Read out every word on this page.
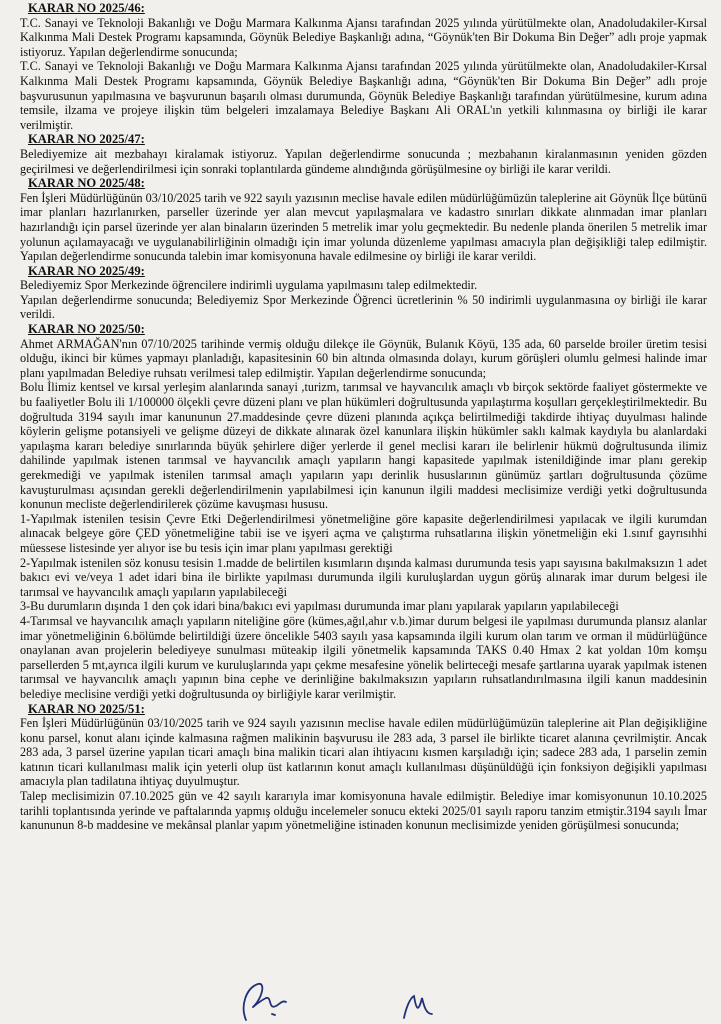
KARAR NO 2025/46:

T.C. Sanayi ve Teknoloji Bakanlığı ve Doğu Marmara Kalkınma Ajansı tarafından 2025 yılında yürütülmekte olan, Anadoludakiler-Kırsal Kalkınma Mali Destek Programı kapsamında, Göynük Belediye Başkanlığı adına, “Göynük'ten Bir Dokuma Bin Değer” adlı proje yapmak istiyoruz. Yapılan değerlendirme sonucunda;

T.C. Sanayi ve Teknoloji Bakanlığı ve Doğu Marmara Kalkınma Ajansı tarafından 2025 yılında yürütülmekte olan, Anadoludakiler-Kırsal Kalkınma Mali Destek Programı kapsamında, Göynük Belediye Başkanlığı adına, “Göynük'ten Bir Dokuma Bin Değer” adlı proje başvurusunun yapılmasına ve başvurunun başarılı olması durumunda, Göynük Belediye Başkanlığı tarafından yürütülmesine, kurum adına temsile, ilzama ve projeye ilişkin tüm belgeleri imzalamaya Belediye Başkanı Ali ORAL'ın yetkili kılınmasına oy birliği ile karar verilmiştir.

KARAR NO 2025/47:

Belediyemize ait mezbahayı kiralamak istiyoruz. Yapılan değerlendirme sonucunda ; mezbahanın kiralanmasının yeniden gözden geçirilmesi ve değerlendirilmesi için sonraki toplantılarda gündeme alındığında görüşülmesine oy birliği ile karar verildi.

KARAR NO 2025/48:

Fen İşleri Müdürlüğünün 03/10/2025 tarih ve 922 sayılı yazısının meclise havale edilen müdürlüğümüzün taleplerine ait Göynük İlçe bütünü imar planları hazırlanırken, parseller üzerinde yer alan mevcut yapılaşmalara ve kadastro sınırları dikkate alınmadan imar planları hazırlandığı için parsel üzerinde yer alan binaların üzerinden 5 metrelik imar yolu geçmektedir. Bu nedenle planda önerilen 5 metrelik imar yolunun açılamayacağı ve uygulanabilirliğinin olmadığı için imar yolunda düzenleme yapılması amacıyla plan değişikliği talep edilmiştir. Yapılan değerlendirme sonucunda talebin imar komisyonuna havale edilmesine oy birliği ile karar verildi.

KARAR NO 2025/49:

Belediyemiz Spor Merkezinde öğrencilere indirimli uygulama yapılmasını talep edilmektedir.

Yapılan değerlendirme sonucunda; Belediyemiz Spor Merkezinde Öğrenci ücretlerinin % 50 indirimli uygulanmasına oy birliği ile karar verildi.

KARAR NO 2025/50:

Ahmet ARMAĞAN'nın 07/10/2025 tarihinde vermiş olduğu dilekçe ile Göynük, Bulanık Köyü, 135 ada, 60 parselde broiler üretim tesisi olduğu, ikinci bir kümes yapmayı planladığı, kapasitesinin 60 bin altında olmasında dolayı, kurum görüşleri olumlu gelmesi halinde imar planı yapılmadan Belediye ruhsatı verilmesi talep edilmiştir. Yapılan değerlendirme sonucunda;

Bolu İlimiz kentsel ve kırsal yerleşim alanlarında sanayi ,turizm, tarımsal ve hayvancılık amaçlı vb birçok sektörde faaliyet göstermekte ve bu faaliyetler Bolu ili 1/100000 ölçekli çevre düzeni planı ve plan hükümleri doğrultusunda yapılaştırma koşulları gerçekleştirilmektedir. Bu doğrultuda 3194 sayılı imar kanununun 27.maddesinde çevre düzeni planında açıkça belirtilmediği takdirde ihtiyaç duyulması halinde köylerin gelişme potansiyeli ve gelişme düzeyi de dikkate alınarak özel kanunlara ilişkin hükümler saklı kalmak kaydıyla bu alanlardaki yapılaşma kararı belediye sınırlarında büyük şehirlere diğer yerlerde il genel meclisi kararı ile belirlenir hükmü doğrultusunda ilimiz dahilinde yapılmak istenen tarımsal ve hayvancılık amaçlı yapıların hangi kapasitede yapılmak istenildiğinde imar planı gerekip gerekmediği ve yapılmak istenilen tarımsal amaçlı yapıların yapı derinlik hususlarının günümüz şartları doğrultusunda çözüme kavuşturulması açısından gerekli değerlendirilmenin yapılabilmesi için kanunun ilgili maddesi meclisimize verdiği yetki doğrultusunda konunun mecliste değerlendirilerek çözüme kavuşması hususu.

1-Yapılmak istenilen tesisin Çevre Etki Değerlendirilmesi yönetmeliğine göre kapasite değerlendirilmesi yapılacak ve ilgili kurumdan alınacak belgeye göre ÇED yönetmeliğine tabii ise ve işyeri açma ve çalıştırma ruhsatlarına ilişkin yönetmeliğin eki 1.sınıf gayrısıhhi müessese listesinde yer alıyor ise bu tesis için imar planı yapılması gerektiği

2-Yapılmak istenilen söz konusu tesisin 1.madde de belirtilen kısımların dışında kalması durumunda tesis yapı sayısına bakılmaksızın 1 adet bakıcı evi ve/veya 1 adet idari bina ile birlikte yapılması durumunda ilgili kuruluşlardan uygun görüş alınarak imar durum belgesi ile tarımsal ve hayvancılık amaçlı yapıların yapılabileceği

3-Bu durumların dışında 1 den çok idari bina/bakıcı evi yapılması durumunda imar planı yapılarak yapıların yapılabileceği

4-Tarımsal ve hayvancılık amaçlı yapıların niteliğine göre (kümes,ağıl,ahır v.b.)imar durum belgesi ile yapılması durumunda plansız alanlar imar yönetmeliğinin 6.bölümde belirtildiği üzere öncelikle 5403 sayılı yasa kapsamında ilgili kurum olan tarım ve orman il müdürlüğünce onaylanan avan projelerin belediyeye sunulması müteakip ilgili yönetmelik kapsamında TAKS 0.40 Hmax 2 kat yoldan 10m komşu parsellerden 5 mt,ayrıca ilgili kurum ve kuruluşlarında yapı çekme mesafesine yönelik belirteceği mesafe şartlarına uyarak yapılmak istenen tarımsal ve hayvancılık amaçlı yapının bina cephe ve derinliğine bakılmaksızın yapıların ruhsatlandırılmasına ilgili kanun maddesinin belediye meclisine verdiği yetki doğrultusunda oy birliğiyle karar verilmiştir.

KARAR NO 2025/51:

Fen İşleri Müdürlüğünün 03/10/2025 tarih ve 924 sayılı yazısının meclise havale edilen müdürlüğümüzün taleplerine ait Plan değişikliğine konu parsel, konut alanı içinde kalmasına rağmen malikinin başvurusu ile 283 ada, 3 parsel ile birlikte ticaret alanına çevrilmiştir. Ancak 283 ada, 3 parsel üzerine yapılan ticari amaçlı bina malikin ticari alan ihtiyacını kısmen karşıladığı için; sadece 283 ada, 1 parselin zemin katının ticari kullanılması malik için yeterli olup üst katlarının konut amaçlı kullanılması düşünüldüğü için fonksiyon değişikli yapılması amacıyla plan tadilatına ihtiyaç duyulmuştur.

Talep meclisimizin 07.10.2025 gün ve 42 sayılı kararıyla imar komisyonuna havale edilmiştir. Belediye imar komisyonunun 10.10.2025 tarihli toplantısında yerinde ve paftalarında yapmış olduğu incelemeler sonucu ekteki 2025/01 sayılı raporu tanzim etmiştir.3194 sayılı İmar kanununun 8-b maddesine ve mekânsal planlar yapım yönetmeliğine istinaden konunun meclisimizde yeniden görüşülmesi sonucunda;
